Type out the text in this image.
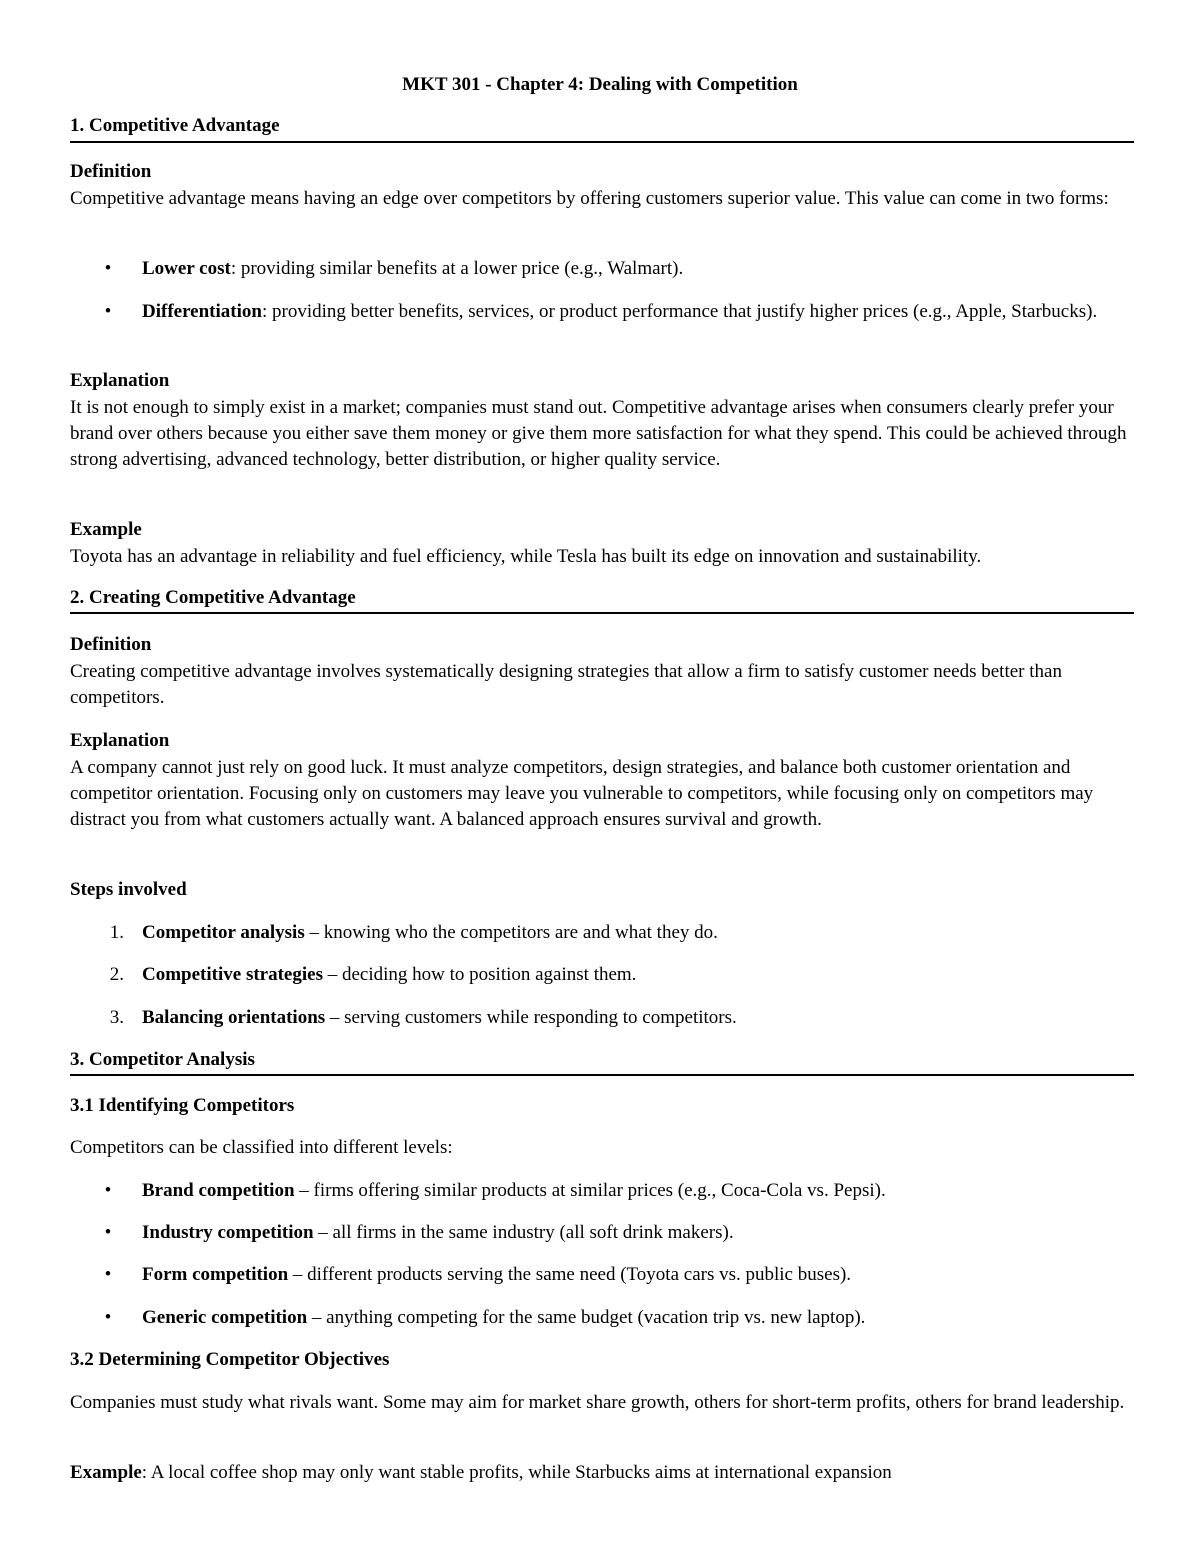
MKT 301 - Chapter 4: Dealing with Competition

1. Competitive Advantage

Definition

Competitive advantage means having an edge over competitors by offering customers superior value. This value can come in two forms:

• Lower cost: providing similar benefits at a lower price (e.g., Walmart).

• Differentiation: providing better benefits, services, or product performance that justify higher prices (e.g., Apple, Starbucks).

Explanation

It is not enough to simply exist in a market; companies must stand out. Competitive advantage arises when consumers clearly prefer your brand over others because you either save them money or give them more satisfaction for what they spend. This could be achieved through strong advertising, advanced technology, better distribution, or higher quality service.

Example

Toyota has an advantage in reliability and fuel efficiency, while Tesla has built its edge on innovation and sustainability.

2. Creating Competitive Advantage

Definition

Creating competitive advantage involves systematically designing strategies that allow a firm to satisfy customer needs better than competitors.

Explanation

A company cannot just rely on good luck. It must analyze competitors, design strategies, and balance both customer orientation and competitor orientation. Focusing only on customers may leave you vulnerable to competitors, while focusing only on competitors may distract you from what customers actually want. A balanced approach ensures survival and growth.

Steps involved

1. Competitor analysis – knowing who the competitors are and what they do.

2. Competitive strategies – deciding how to position against them.

3. Balancing orientations – serving customers while responding to competitors.

3. Competitor Analysis

3.1 Identifying Competitors

Competitors can be classified into different levels:

• Brand competition – firms offering similar products at similar prices (e.g., Coca-Cola vs. Pepsi).

• Industry competition – all firms in the same industry (all soft drink makers).

• Form competition – different products serving the same need (Toyota cars vs. public buses).

• Generic competition – anything competing for the same budget (vacation trip vs. new laptop).

3.2 Determining Competitor Objectives

Companies must study what rivals want. Some may aim for market share growth, others for short-term profits, others for brand leadership.

Example: A local coffee shop may only want stable profits, while Starbucks aims at international expansion
